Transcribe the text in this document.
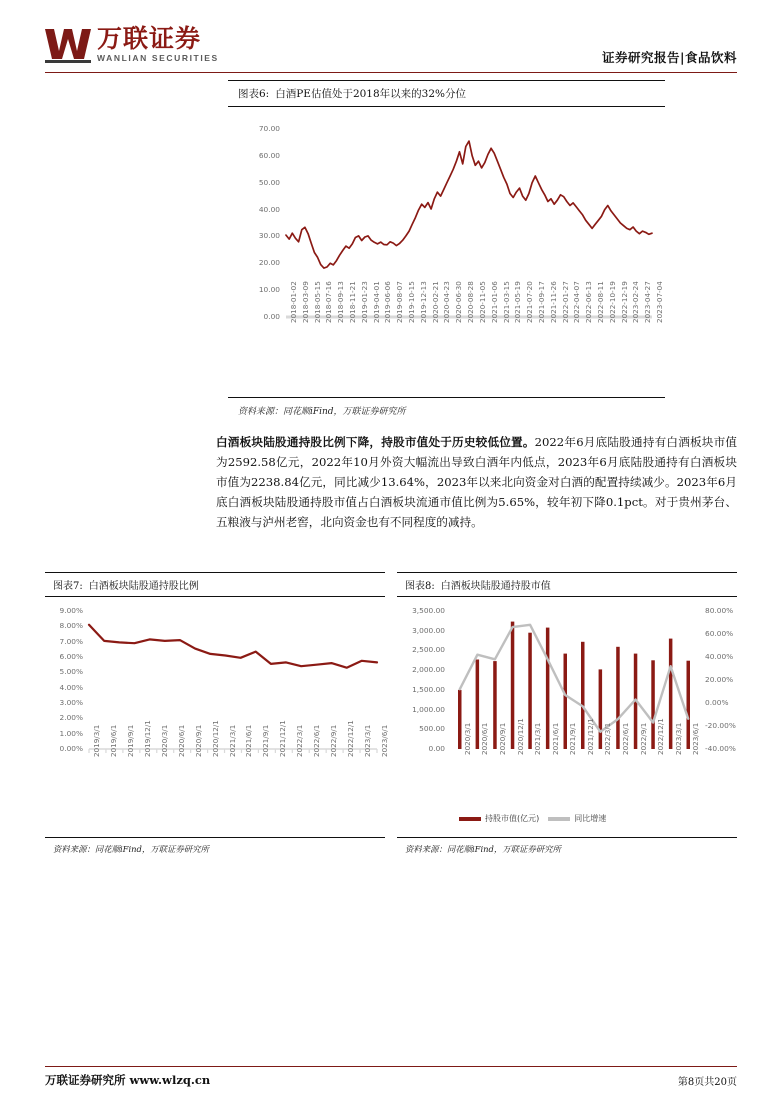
万联证券
WANLIAN SECURITIES	证券研究报告|食品饮料
图表6: 白酒PE估值处于2018年以来的32%分位
0.00
10.00
20.00
30.00
40.00
50.00
60.00
70.00
2018-01-02 2018-03-09 2018-05-15 2018-07-16 2018-09-13 2018-11-21 2019-01-23 2019-04-01 2019-06-06 2019-08-07 2019-10-15 2019-12-13 2020-02-21 2020-04-23 2020-06-30 2020-08-28 2020-11-05 2021-01-06 2021-03-15 2021-05-19 2021-07-20 2021-09-17 2021-11-26 2022-01-27 2022-04-07 2022-06-13 2022-08-11 2022-10-19 2022-12-19 2023-02-24 2023-04-27 2023-07-04
资料来源：同花顺iFind，万联证券研究所
白酒板块陆股通持股比例下降，持股市值处于历史较低位置。2022年6月底陆股通持有白酒板块市值为2592.58亿元，2022年10月外资大幅流出导致白酒年内低点，2023年6月底陆股通持有白酒板块市值为2238.84亿元，同比减少13.64%，2023年以来北向资金对白酒的配置持续减少。2023年6月底白酒板块陆股通持股市值占白酒板块流通市值比例为5.65%，较年初下降0.1pct。对于贵州茅台、五粮液与泸州老窖，北向资金也有不同程度的减持。
图表7: 白酒板块陆股通持股比例
0.00%
1.00%
2.00%
3.00%
4.00%
5.00%
6.00%
7.00%
8.00%
9.00%
2019/3/1 2019/6/1 2019/9/1 2019/12/1 2020/3/1 2020/6/1 2020/9/1 2020/12/1 2021/3/1 2021/6/1 2021/9/1 2021/12/1 2022/3/1 2022/6/1 2022/9/1 2022/12/1 2023/3/1 2023/6/1
资料来源：同花顺iFind，万联证券研究所
图表8: 白酒板块陆股通持股市值
0.00
500.00
1,000.00
1,500.00
2,000.00
2,500.00
3,000.00
3,500.00
-40.00%
-20.00%
0.00%
20.00%
40.00%
60.00%
80.00%
2020/3/1 2020/6/1 2020/9/1 2020/12/1 2021/3/1 2021/6/1 2021/9/1 2021/12/1 2022/3/1 2022/6/1 2022/9/1 2022/12/1 2023/3/1 2023/6/1
持股市值(亿元)	同比增速
资料来源：同花顺iFind，万联证券研究所
万联证券研究所 www.wlzq.cn	第8页共20页
